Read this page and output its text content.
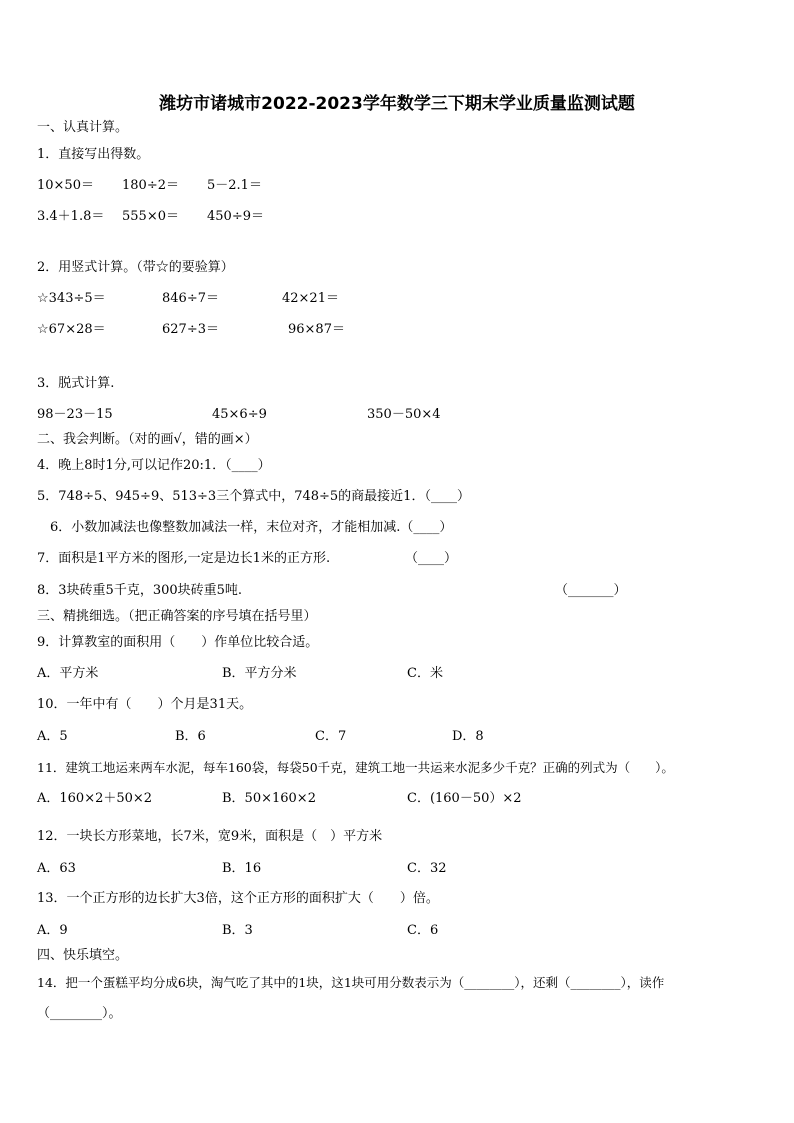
潍坊市诸城市2022-2023学年数学三下期末学业质量监测试题
一、认真计算。
1．直接写出得数。
10×50＝ 180÷2＝ 5－2.1＝
3.4＋1.8＝ 555×0＝ 450÷9＝
2．用竖式计算。（带☆的要验算）
☆343÷5＝	846÷7＝	42×21＝
☆67×28＝	627÷3＝	96×87＝
3．脱式计算.
98－23－15	45×6÷9	350－50×4
二、我会判断。（对的画√，错的画×）
4．晚上8时1分,可以记作20:1．（____）
5．748÷5、945÷9、513÷3三个算式中，748÷5的商最接近1．（____）
6．小数加减法也像整数加减法一样，末位对齐，才能相加减.（____）
7．面积是1平方米的图形,一定是边长1米的正方形.	（____）
8．3块砖重5千克，300块砖重5吨.	（_______）
三、精挑细选。（把正确答案的序号填在括号里）
9．计算教室的面积用（　　）作单位比较合适。
A．平方米	B．平方分米	C．米
10．一年中有（　　）个月是31天。
A．5	B．6	C．7	D．8
11．建筑工地运来两车水泥，每车160袋，每袋50千克，建筑工地一共运来水泥多少千克？正确的列式为（　　）。
A．160×2＋50×2	B．50×160×2	C．(160－50）×2
12．一块长方形菜地，长7米，宽9米，面积是（　）平方米
A．63	B．16	C．32
13．一个正方形的边长扩大3倍，这个正方形的面积扩大（　　）倍。
A．9	B．3	C．6
四、快乐填空。
14．把一个蛋糕平均分成6块，淘气吃了其中的1块，这1块可用分数表示为（________），还剩（________），读作
（________）。
